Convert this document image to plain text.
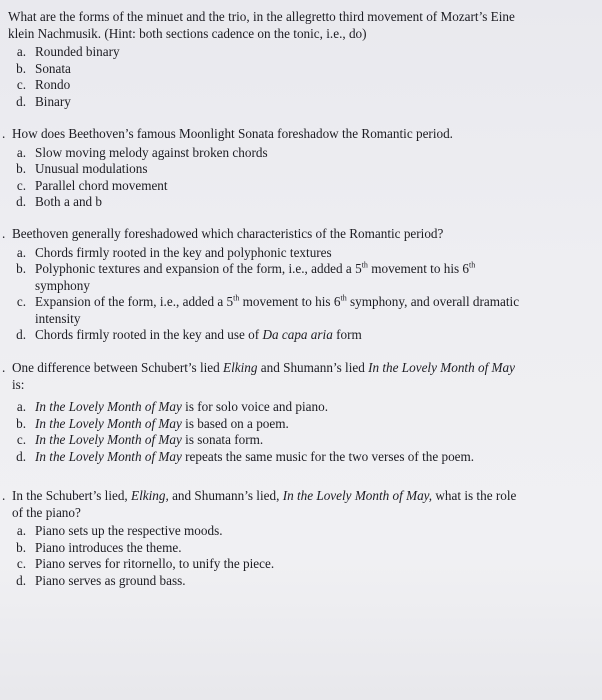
What are the forms of the minuet and the trio, in the allegretto third movement of Mozart’s Eine
klein Nachmusik. (Hint: both sections cadence on the tonic, i.e., do)
a. Rounded binary
b. Sonata
c. Rondo
d. Binary
. How does Beethoven’s famous Moonlight Sonata foreshadow the Romantic period.
a. Slow moving melody against broken chords
b. Unusual modulations
c. Parallel chord movement
d. Both a and b
. Beethoven generally foreshadowed which characteristics of the Romantic period?
a. Chords firmly rooted in the key and polyphonic textures
b. Polyphonic textures and expansion of the form, i.e., added a 5th movement to his 6th
symphony
c. Expansion of the form, i.e., added a 5th movement to his 6th symphony, and overall dramatic
intensity
d. Chords firmly rooted in the key and use of Da capa aria form
. One difference between Schubert’s lied Elking and Shumann’s lied In the Lovely Month of May
is:
a. In the Lovely Month of May is for solo voice and piano.
b. In the Lovely Month of May is based on a poem.
c. In the Lovely Month of May is sonata form.
d. In the Lovely Month of May repeats the same music for the two verses of the poem.
. In the Schubert’s lied, Elking, and Shumann’s lied, In the Lovely Month of May, what is the role
of the piano?
a. Piano sets up the respective moods.
b. Piano introduces the theme.
c. Piano serves for ritornello, to unify the piece.
d. Piano serves as ground bass.
